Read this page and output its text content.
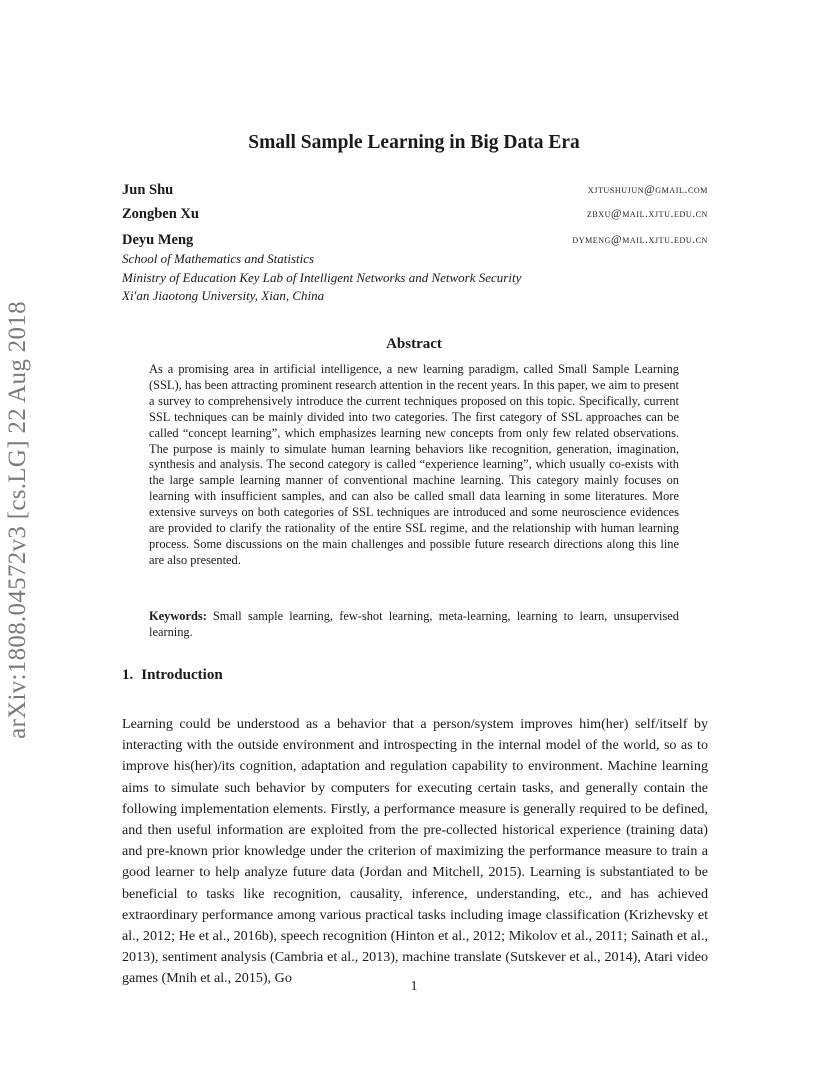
arXiv:1808.04572v3 [cs.LG] 22 Aug 2018
Small Sample Learning in Big Data Era
Jun Shu	xjtushujun@gmail.com
Zongben Xu	zbxu@mail.xjtu.edu.cn
Deyu Meng	dymeng@mail.xjtu.edu.cn
School of Mathematics and Statistics
Ministry of Education Key Lab of Intelligent Networks and Network Security
Xi'an Jiaotong University, Xian, China
Abstract
As a promising area in artificial intelligence, a new learning paradigm, called Small Sample Learning (SSL), has been attracting prominent research attention in the recent years. In this paper, we aim to present a survey to comprehensively introduce the current techniques proposed on this topic. Specifically, current SSL techniques can be mainly divided into two categories. The first category of SSL approaches can be called “concept learning”, which emphasizes learning new concepts from only few related observations. The purpose is mainly to simulate human learning behaviors like recognition, generation, imagination, synthesis and analysis. The second category is called “experience learning”, which usually co-exists with the large sample learning manner of conventional machine learning. This category mainly focuses on learning with insufficient samples, and can also be called small data learning in some literatures. More extensive surveys on both categories of SSL techniques are introduced and some neuroscience evidences are provided to clarify the rationality of the entire SSL regime, and the relationship with human learning process. Some discussions on the main challenges and possible future research directions along this line are also presented.
Keywords: Small sample learning, few-shot learning, meta-learning, learning to learn, unsupervised learning.
1. Introduction
Learning could be understood as a behavior that a person/system improves him(her) self/itself by interacting with the outside environment and introspecting in the internal model of the world, so as to improve his(her)/its cognition, adaptation and regulation capability to environment. Machine learning aims to simulate such behavior by computers for executing certain tasks, and generally contain the following implementation elements. Firstly, a performance measure is generally required to be defined, and then useful information are exploited from the pre-collected historical experience (training data) and pre-known prior knowledge under the criterion of maximizing the performance measure to train a good learner to help analyze future data (Jordan and Mitchell, 2015). Learning is substantiated to be beneficial to tasks like recognition, causality, inference, understanding, etc., and has achieved extraordinary performance among various practical tasks including image classification (Krizhevsky et al., 2012; He et al., 2016b), speech recognition (Hinton et al., 2012; Mikolov et al., 2011; Sainath et al., 2013), sentiment analysis (Cambria et al., 2013), machine translate (Sutskever et al., 2014), Atari video games (Mnih et al., 2015), Go
1
